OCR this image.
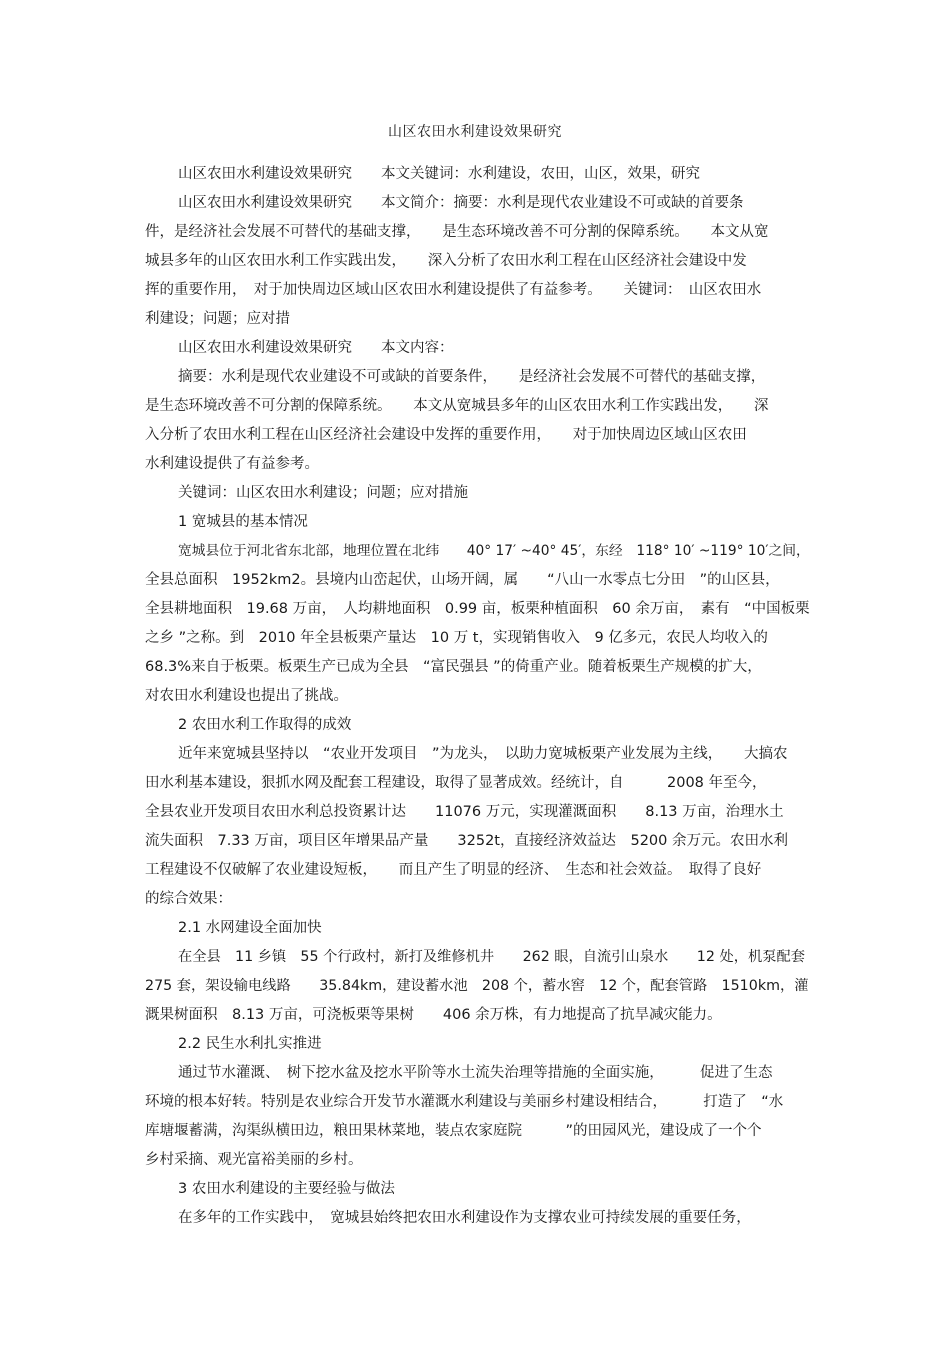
山区农田水利建设效果研究
山区农田水利建设效果研究　　本文关键词：水利建设，农田，山区，效果，研究
山区农田水利建设效果研究　　本文简介：摘要：水利是现代农业建设不可或缺的首要条
件，是经济社会发展不可替代的基础支撑，　　是生态环境改善不可分割的保障系统。　　本文从宽
城县多年的山区农田水利工作实践出发，　　深入分析了农田水利工程在山区经济社会建设中发
挥的重要作用，　对于加快周边区域山区农田水利建设提供了有益参考。　　关键词：　山区农田水
利建设；问题；应对措
山区农田水利建设效果研究　　本文内容：
摘要：水利是现代农业建设不可或缺的首要条件，　　是经济社会发展不可替代的基础支撑，
是生态环境改善不可分割的保障系统。　　本文从宽城县多年的山区农田水利工作实践出发，　　深
入分析了农田水利工程在山区经济社会建设中发挥的重要作用，　　对于加快周边区域山区农田
水利建设提供了有益参考。
关键词：山区农田水利建设；问题；应对措施
1 宽城县的基本情况
宽城县位于河北省东北部，地理位置在北纬　　40° 17′ ~40° 45′，东经　118° 10′ ~119° 10′之间，
全县总面积　1952km2。县境内山峦起伏，山场开阔，属　　“八山一水零点七分田　”的山区县，
全县耕地面积　19.68 万亩，　人均耕地面积　0.99 亩，板栗种植面积　60 余万亩，　素有　“中国板栗
之乡 ”之称。到　2010 年全县板栗产量达　10 万 t，实现销售收入　9 亿多元，农民人均收入的
68.3%来自于板栗。板栗生产已成为全县　“富民强县 ”的倚重产业。随着板栗生产规模的扩大，
对农田水利建设也提出了挑战。
2 农田水利工作取得的成效
近年来宽城县坚持以　“农业开发项目　”为龙头，　以助力宽城板栗产业发展为主线，　　大搞农
田水利基本建设，狠抓水网及配套工程建设，取得了显著成效。经统计，自　　　2008 年至今，
全县农业开发项目农田水利总投资累计达　　11076 万元，实现灌溉面积　　8.13 万亩，治理水土
流失面积　7.33 万亩，项目区年增果品产量　　3252t，直接经济效益达　5200 余万元。农田水利
工程建设不仅破解了农业建设短板，　　而且产生了明显的经济、　生态和社会效益。　取得了良好
的综合效果：
2.1 水网建设全面加快
在全县　11 乡镇　55 个行政村，新打及维修机井　　262 眼，自流引山泉水　　12 处，机泵配套
275 套，架设输电线路　　35.84km，建设蓄水池　208 个，蓄水窖　12 个，配套管路　1510km，灌
溉果树面积　8.13 万亩，可浇板栗等果树　　406 余万株，有力地提高了抗旱减灾能力。
2.2 民生水利扎实推进
通过节水灌溉、　树下挖水盆及挖水平阶等水土流失治理等措施的全面实施，　　　促进了生态
环境的根本好转。特别是农业综合开发节水灌溉水利建设与美丽乡村建设相结合，　　　打造了　“水
库塘堰蓄满，沟渠纵横田边，粮田果林菜地，装点农家庭院　　　”的田园风光，建设成了一个个
乡村采摘、观光富裕美丽的乡村。
3 农田水利建设的主要经验与做法
在多年的工作实践中，　宽城县始终把农田水利建设作为支撑农业可持续发展的重要任务，
